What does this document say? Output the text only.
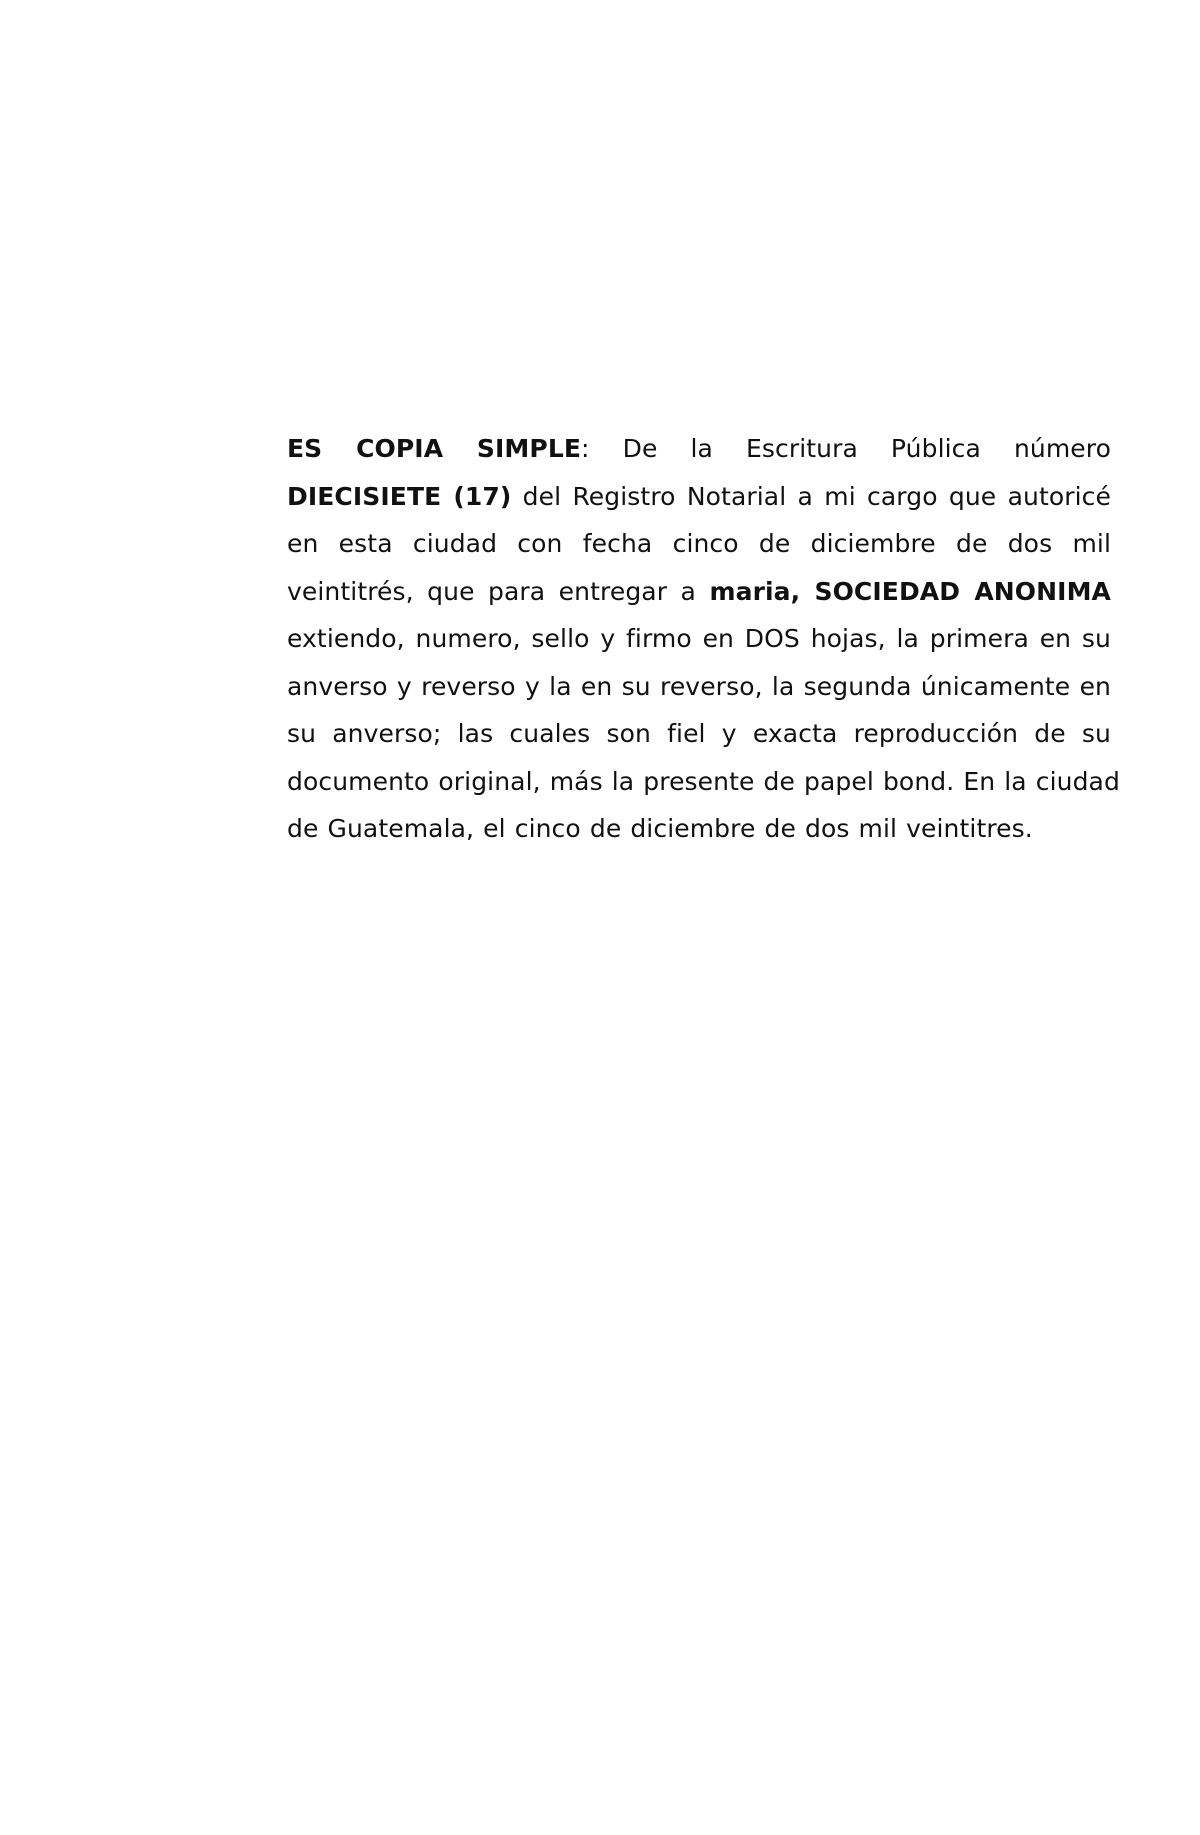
ES COPIA SIMPLE: De la Escritura Pública número
DIECISIETE (17) del Registro Notarial a mi cargo que autoricé
en esta ciudad con fecha cinco de diciembre de dos mil
veintitrés, que para entregar a maria, SOCIEDAD ANONIMA
extiendo, numero, sello y firmo en DOS hojas, la primera en su
anverso y reverso y la en su reverso, la segunda únicamente en
su anverso; las cuales son fiel y exacta reproducción de su
documento original, más la presente de papel bond. En la ciudad
de Guatemala, el cinco de diciembre de dos mil veintitres.
